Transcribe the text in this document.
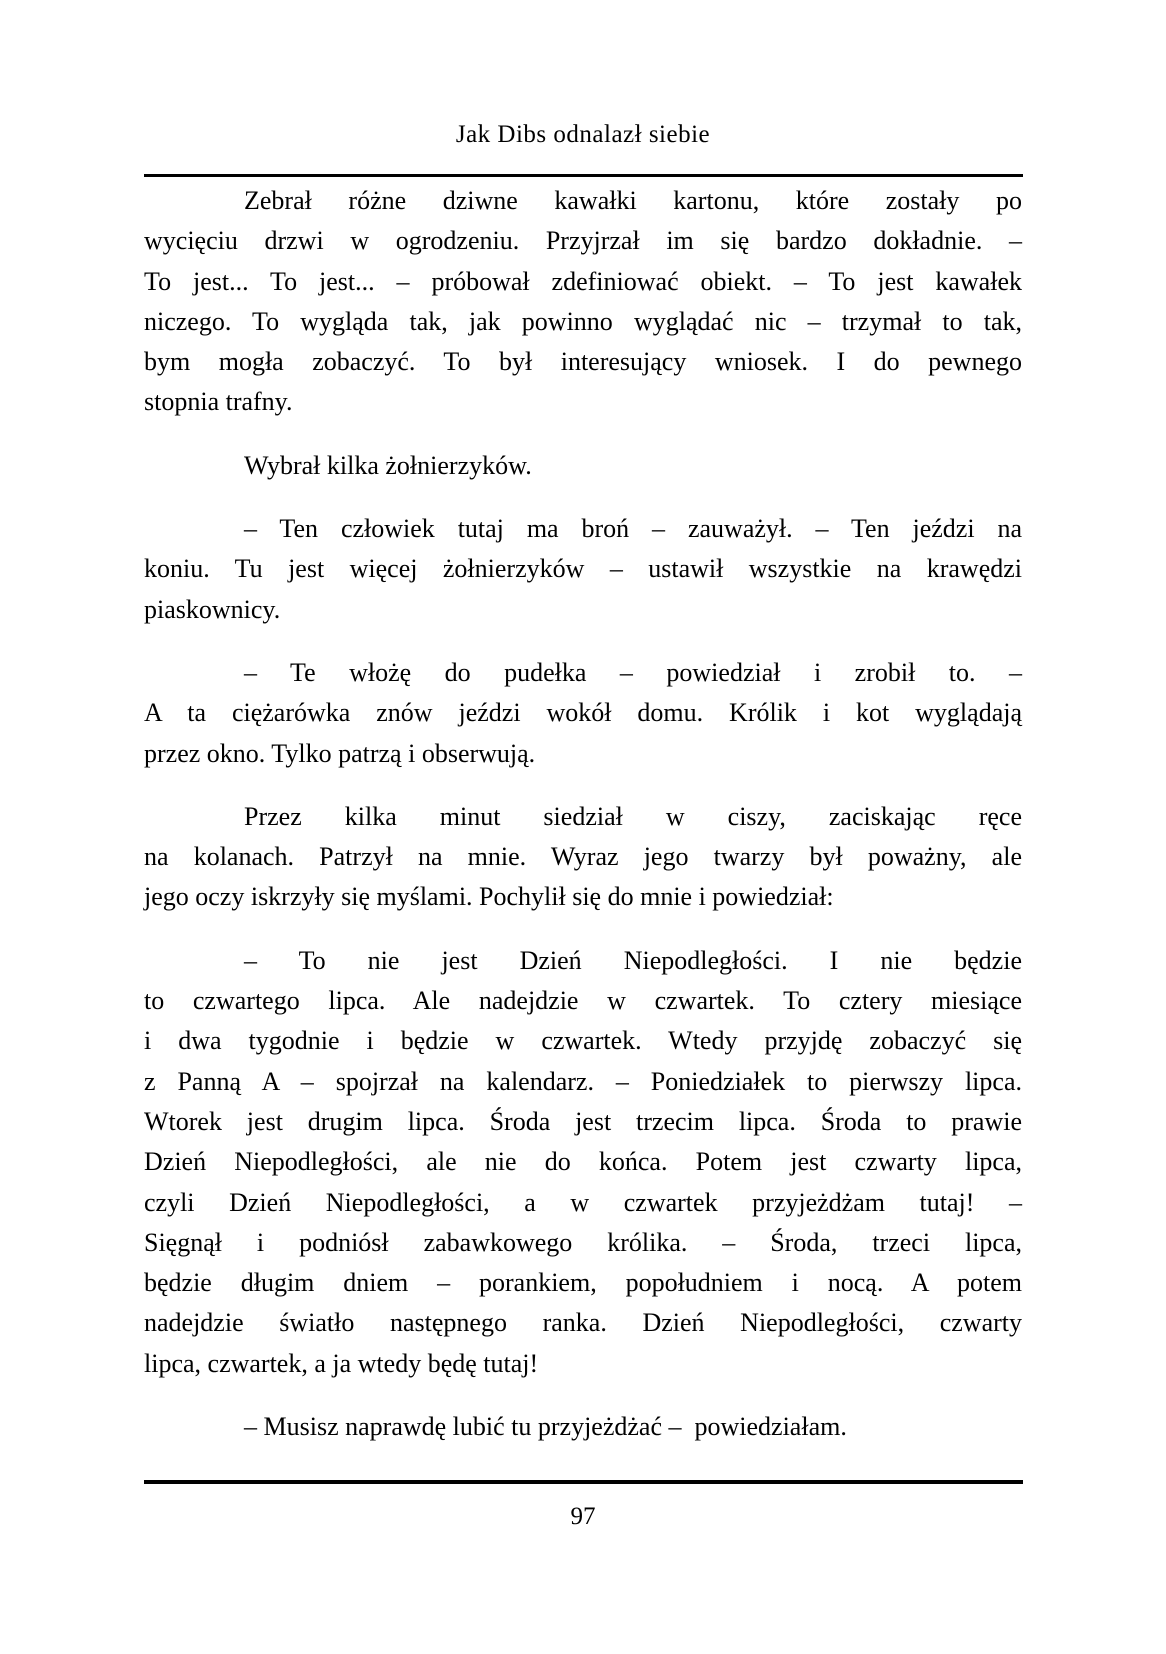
Jak Dibs odnalazł siebie
Zebrał różne dziwne kawałki kartonu, które zostały po
wycięciu drzwi w ogrodzeniu. Przyjrzał im się bardzo dokładnie. –
To jest... To jest... – próbował zdefiniować obiekt. – To jest kawałek
niczego. To wygląda tak, jak powinno wyglądać nic – trzymał to tak,
bym mogła zobaczyć. To był interesujący wniosek. I do pewnego
stopnia trafny.
Wybrał kilka żołnierzyków.
– Ten człowiek tutaj ma broń – zauważył. – Ten jeździ na
koniu. Tu jest więcej żołnierzyków – ustawił wszystkie na krawędzi
piaskownicy.
– Te włożę do pudełka – powiedział i zrobił to. –
A ta ciężarówka znów jeździ wokół domu. Królik i kot wyglądają
przez okno. Tylko patrzą i obserwują.
Przez kilka minut siedział w ciszy, zaciskając ręce
na kolanach. Patrzył na mnie. Wyraz jego twarzy był poważny, ale
jego oczy iskrzyły się myślami. Pochylił się do mnie i powiedział:
– To nie jest Dzień Niepodległości. I nie będzie
to czwartego lipca. Ale nadejdzie w czwartek. To cztery miesiące
i dwa tygodnie i będzie w czwartek. Wtedy przyjdę zobaczyć się
z Panną A – spojrzał na kalendarz. – Poniedziałek to pierwszy lipca.
Wtorek jest drugim lipca. Środa jest trzecim lipca. Środa to prawie
Dzień Niepodległości, ale nie do końca. Potem jest czwarty lipca,
czyli Dzień Niepodległości, a w czwartek przyjeżdżam tutaj! –
Sięgnął i podniósł zabawkowego królika. – Środa, trzeci lipca,
będzie długim dniem – porankiem, popołudniem i nocą. A potem
nadejdzie światło następnego ranka. Dzień Niepodległości, czwarty
lipca, czwartek, a ja wtedy będę tutaj!
– Musisz naprawdę lubić tu przyjeżdżać –  powiedziałam.
97
